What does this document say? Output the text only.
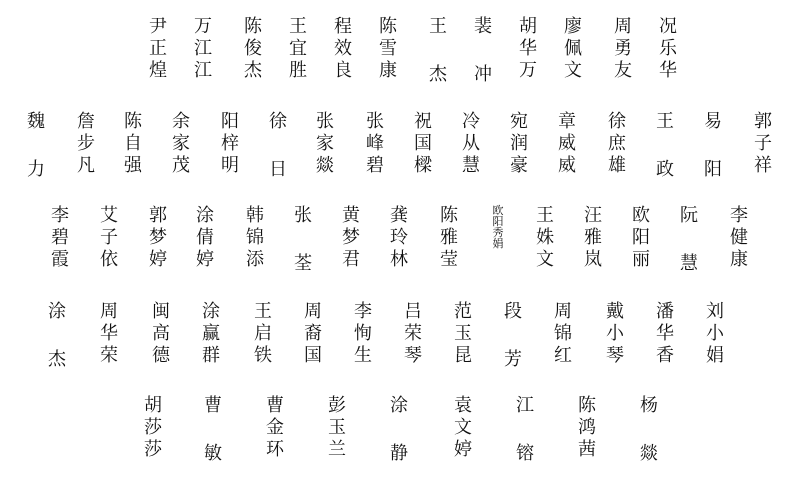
尹
正
煌
万
江
江
陈
俊
杰
王
宜
胜
程
效
良
陈
雪
康
王
杰
裴
冲
胡
华
万
廖
佩
文
周
勇
友
况
乐
华
魏
力
詹
步
凡
陈
自
强
余
家
茂
阳
梓
明
徐
日
张
家
燚
张
峰
碧
祝
国
樑
冷
从
慧
宛
润
豪
章
威
威
徐
庶
雄
王
政
易
阳
郭
子
祥
李
碧
霞
艾
子
依
郭
梦
婷
涂
倩
婷
韩
锦
添
张
荃
黄
梦
君
龚
玲
林
陈
雅
莹
欧
阳
秀
娟
王
姝
文
汪
雅
岚
欧
阳
丽
阮
慧
李
健
康
涂
杰
周
华
荣
闽
高
德
涂
赢
群
王
启
铁
周
裔
国
李
恂
生
吕
荣
琴
范
玉
昆
段
芳
周
锦
红
戴
小
琴
潘
华
香
刘
小
娟
胡
莎
莎
曹
敏
曹
金
环
彭
玉
兰
涂
静
袁
文
婷
江
镕
陈
鸿
茜
杨
燚
